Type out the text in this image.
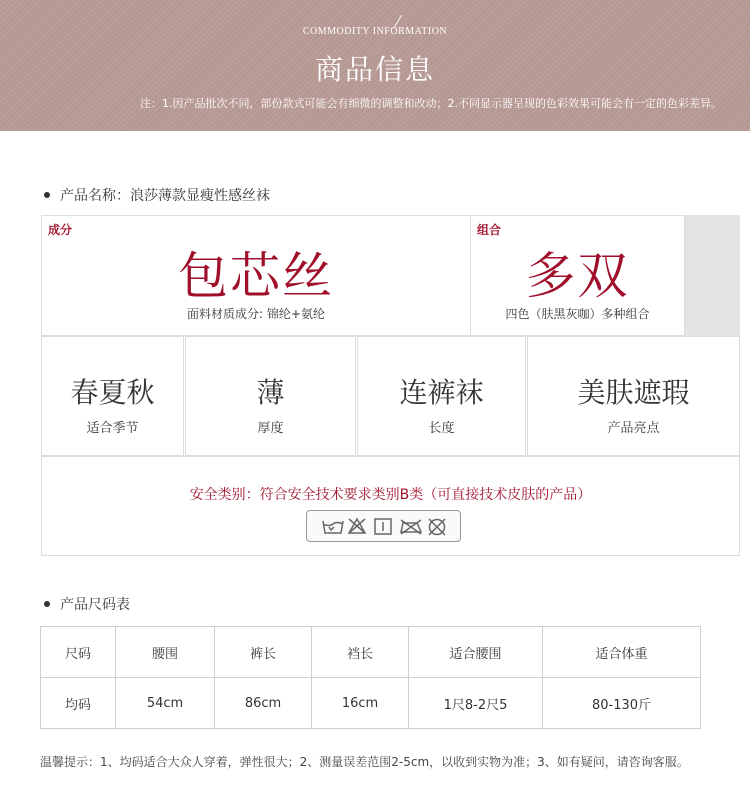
COMMODITY INFORMATION
商品信息
注：1.因产品批次不同，部份款式可能会有细微的调整和改动；2.不同显示器呈现的色彩效果可能会有一定的色彩差异。
产品名称：浪莎薄款显瘦性感丝袜
成分
包芯丝
面料材质成分: 锦纶+氨纶
组合
多双
四色（肤黑灰咖）多种组合
春夏秋
适合季节
薄
厚度
连裤袜
长度
美肤遮瑕
产品亮点
安全类别：符合安全技术要求类别B类（可直接技术皮肤的产品）
产品尺码表
尺码	腰围	裤长	裆长	适合腰围	适合体重
均码	54cm	86cm	16cm	1尺8-2尺5	80-130斤
温馨提示：1、均码适合大众人穿着，弹性很大；2、测量误差范围2-5cm，以收到实物为准；3、如有疑问，请咨询客服。
